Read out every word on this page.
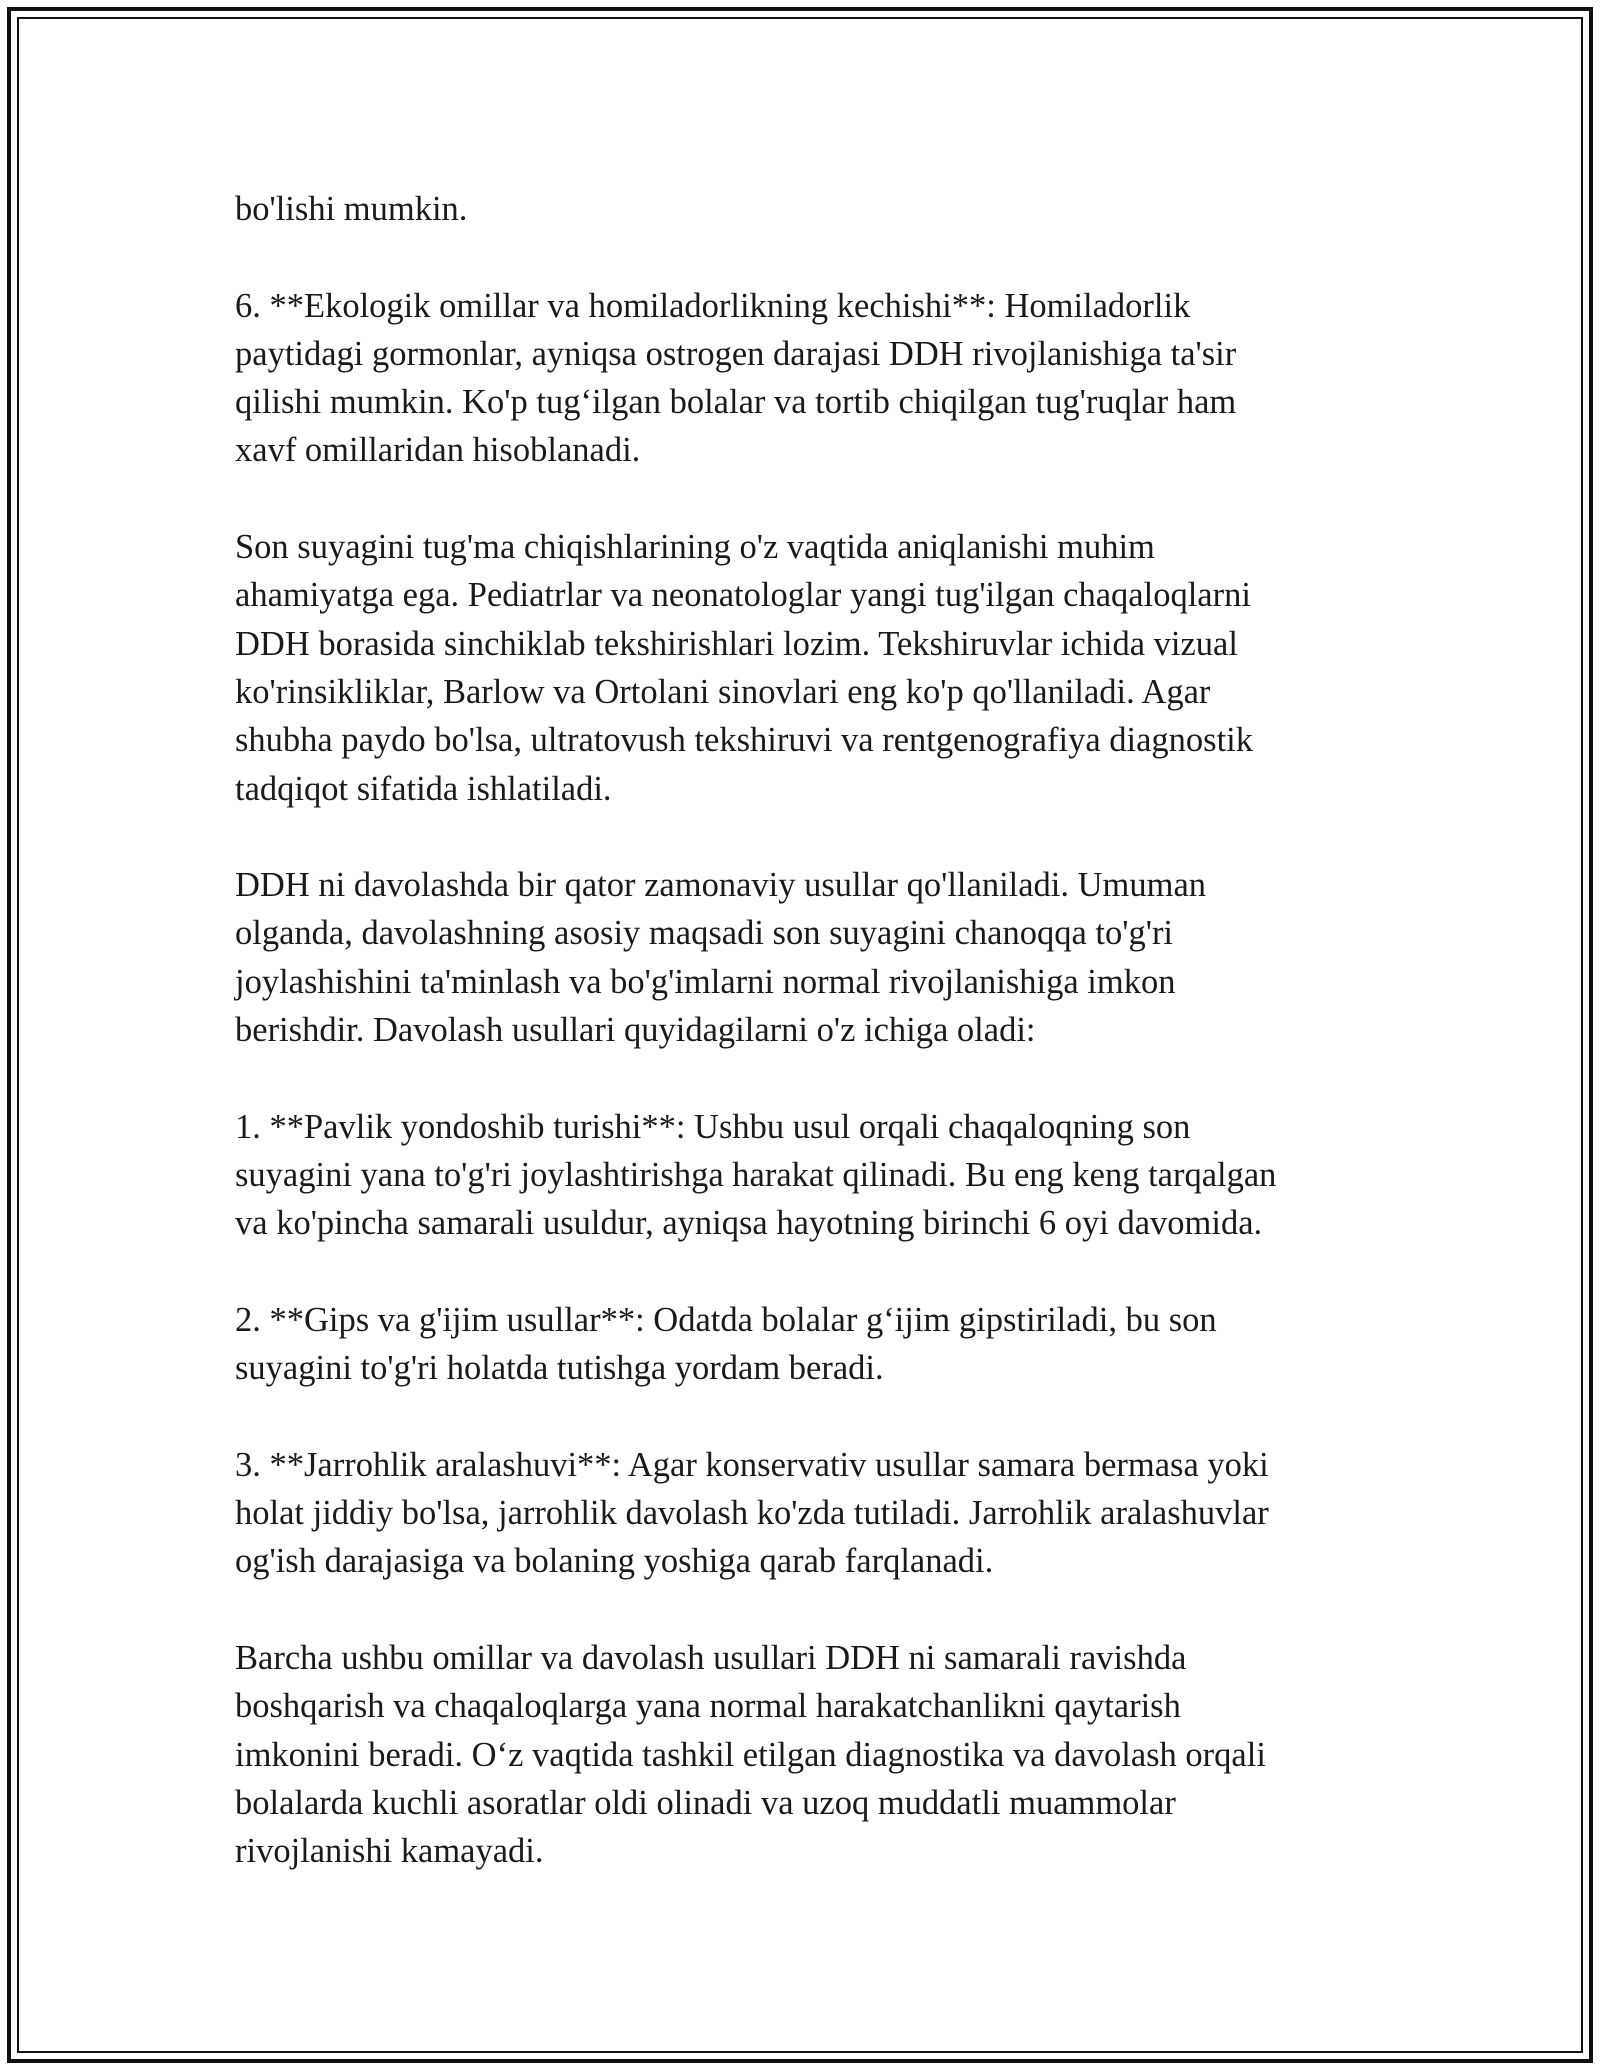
bo'lishi mumkin.

6. **Ekologik omillar va homiladorlikning kechishi**: Homiladorlik
paytidagi gormonlar, ayniqsa ostrogen darajasi DDH rivojlanishiga ta'sir
qilishi mumkin. Ko'p tug‘ilgan bolalar va tortib chiqilgan tug'ruqlar ham
xavf omillaridan hisoblanadi.

Son suyagini tug'ma chiqishlarining o'z vaqtida aniqlanishi muhim
ahamiyatga ega. Pediatrlar va neonatologlar yangi tug'ilgan chaqaloqlarni
DDH borasida sinchiklab tekshirishlari lozim. Tekshiruvlar ichida vizual
ko'rinsikliklar, Barlow va Ortolani sinovlari eng ko'p qo'llaniladi. Agar
shubha paydo bo'lsa, ultratovush tekshiruvi va rentgenografiya diagnostik
tadqiqot sifatida ishlatiladi.

DDH ni davolashda bir qator zamonaviy usullar qo'llaniladi. Umuman
olganda, davolashning asosiy maqsadi son suyagini chanoqqa to'g'ri
joylashishini ta'minlash va bo'g'imlarni normal rivojlanishiga imkon
berishdir. Davolash usullari quyidagilarni o'z ichiga oladi:

1. **Pavlik yondoshib turishi**: Ushbu usul orqali chaqaloqning son
suyagini yana to'g'ri joylashtirishga harakat qilinadi. Bu eng keng tarqalgan
va ko'pincha samarali usuldur, ayniqsa hayotning birinchi 6 oyi davomida.

2. **Gips va g'ijim usullar**: Odatda bolalar g‘ijim gipstiriladi, bu son
suyagini to'g'ri holatda tutishga yordam beradi.

3. **Jarrohlik aralashuvi**: Agar konservativ usullar samara bermasa yoki
holat jiddiy bo'lsa, jarrohlik davolash ko'zda tutiladi. Jarrohlik aralashuvlar
og'ish darajasiga va bolaning yoshiga qarab farqlanadi.

Barcha ushbu omillar va davolash usullari DDH ni samarali ravishda
boshqarish va chaqaloqlarga yana normal harakatchanlikni qaytarish
imkonini beradi. O‘z vaqtida tashkil etilgan diagnostika va davolash orqali
bolalarda kuchli asoratlar oldi olinadi va uzoq muddatli muammolar
rivojlanishi kamayadi.
